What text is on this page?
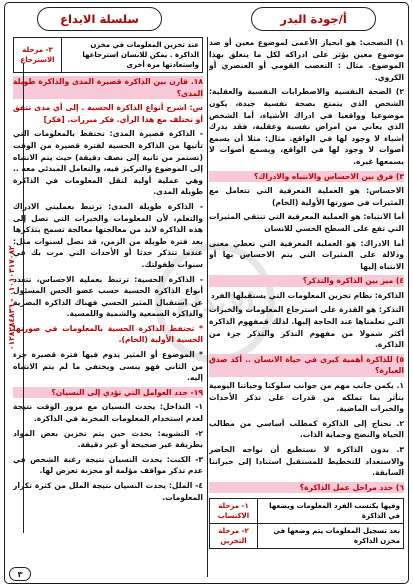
الابداع
أ/جودة البدر
سلسلة الابداع
١) التصحب: هو انحياز الأعمى لموضوع معين أو ضد موضوع معين يؤثر على ادراكه لكل ما يتعلق بهذا الموضوع. مثال : التعصب القومي أو العنصري أو الكروي.
٢) الصحة النفسية والاضطرابات النفسية والعقلية: الشخص الذي يتمتع بصحة نفسية جيدة، يكون موضوعيا وواقعيا في ادراك الأشياء، أما الشخص الذي يعاني من امراض نفسية وعقلية، فقد يدرك أشياء لا وجود لها في الواقع. مثال: مثلا أن يسمع أصوات لا وجود لها في الواقع، ويسمع أصوات لا يسمعها غيره.
٣) فرق بين الاحساس والانتباه والادراك؟
الاحساس: هو العملية المعرفية التي تتعامل مع المثيرات في صورتها الأولية (الخام)
أما الانتباه: هو العملية المعرفية التي تنتقي المثيرات التي تقع على السطح الحسي للانسان
أما الادراك: هو العملية المعرفية التي تعطي معنى ودلالة على المثيرات التي يتم الاحساس بها أو الانتباه إليها
٤) ميز بين الذاكرة والتذكر؟
الذاكرة: نظام تخزين المعلومات التي يستقبلها الفرد
التذكر: هو القدرة على استرجاع المعلومات والخبرات التي تعلمناها عند الحاجة إليها. لذلك فمفهوم الذاكرة أكثر شمولا من مفهوم التذكر والتذكر جزء من الذاكرة.
٥) للذاكرة أهمية كبرى في حياة الانسان .. أكد صدق العبارة؟
١. يكمن جانب مهم من جوانب سلوكنا وحياتنا اليومية بتأثر بما تملكه من قدرات على تذكر الأحداث والخبرات الماضية.
٢. نحتاج إلى الذاكرة كمطلب أساسي من مطالب الحياة والنضج وحماية الذات.
٣. بدون الذاكرة لا نستطيع أن نواجه الحاضر والاستعداد للتخطيط للمستقبل استنادا إلى خبراتنا السابقة.
٦) حدد مراحل عمل الذاكرة؟
وفيها يكتسب الفرد المعلومات ويضعها في الذاكرة	١- مرحلة الاكتساب
بعد تسجيل المعلومات يتم وضعها في مخزن الذاكرة	٢- مرحلة التخزين
عند تخزين المعلومات في مخزن الذاكرة . يمكن للانسان استرجاعها واستعادتها مرة أخرى	٣- مرحلة الاسترجاع
١٨. قارن بين الذاكرة قصيرة المدى والذاكرة طويلة المدى؟
س: اشرح أنواع الذاكرة الحسية . إلى أي مدى تتفق أو تختلف مع هذا الرأي. فكر مبررات. [فكر]
- الذاكرة قصيرة المدى: تحتفظ بالمعلومات التي تأتيها من الذاكرة الحسية لفترة قصيرة من الوقت (تستمر من ثانية إلى نصف دقيقة) حيث يتم الانتباه إلى الموضوع والتركيز فيه، والتعامل المبدئي معه .. وهي عملية أولية لنقل المعلومات في الذاكرة طويلة المدى.
- الذاكرة طويلة المدى: ترتبط بعمليتي الادراك والتعلم، لأن المعلومات والخبرات التي تصل إلى هذه الذاكرة لابد من معالجتها معالجة تسمح بتذكرها بعد فترة طويلة من الزمن، قد تصل لسنوات مثل: عندما تتذكر حدثا أو الأحداث التي مرت بك في سنوات طفولتك.
- الذاكرة الحسية: ترتبط بعملية الاحساس، تتعدد أنواع الذاكرة الحسية حسب عضو الحس المسئول عن استقبال المثير الحسي فهناك الذاكرة البصرية والذاكرة السمعية والشمية واللمسية.
* تحتفظ الذاكرة الحسية بالمعلومات في صورتها الحسية الأولية (الخام).
* الموضوع أو المثير يدوم فيها فترة قصيرة جزء من الثاني فهو ينسى ويختفي ما لم يتم الانتباه إليه.
١٩- حدد العوامل التي تؤدي إلى النسيان؟
١- التداخل: يحدث النسيان مع مرور الوقت نتيجة لعدم استخدام المعلومات المخزنة في الذاكرة.
٢- التشويه: يحدث حين يتم تخزين بعض المواد بطريقة غير صحيحة أو غير دقيقة.
٣- الكبت: يحدث النسيان نتيجة رغبة الشخص في عدم تذكر مواقف مؤلمة أو محزنة تعرض لها.
٤- الملل: يحدث النسيان نتيجة الملل من كثرة تكرار المعلومات.
٠١٠١٠٣١٧٠٨٢ - ٠١٢٨٢٨٤٨٣٦
٣
